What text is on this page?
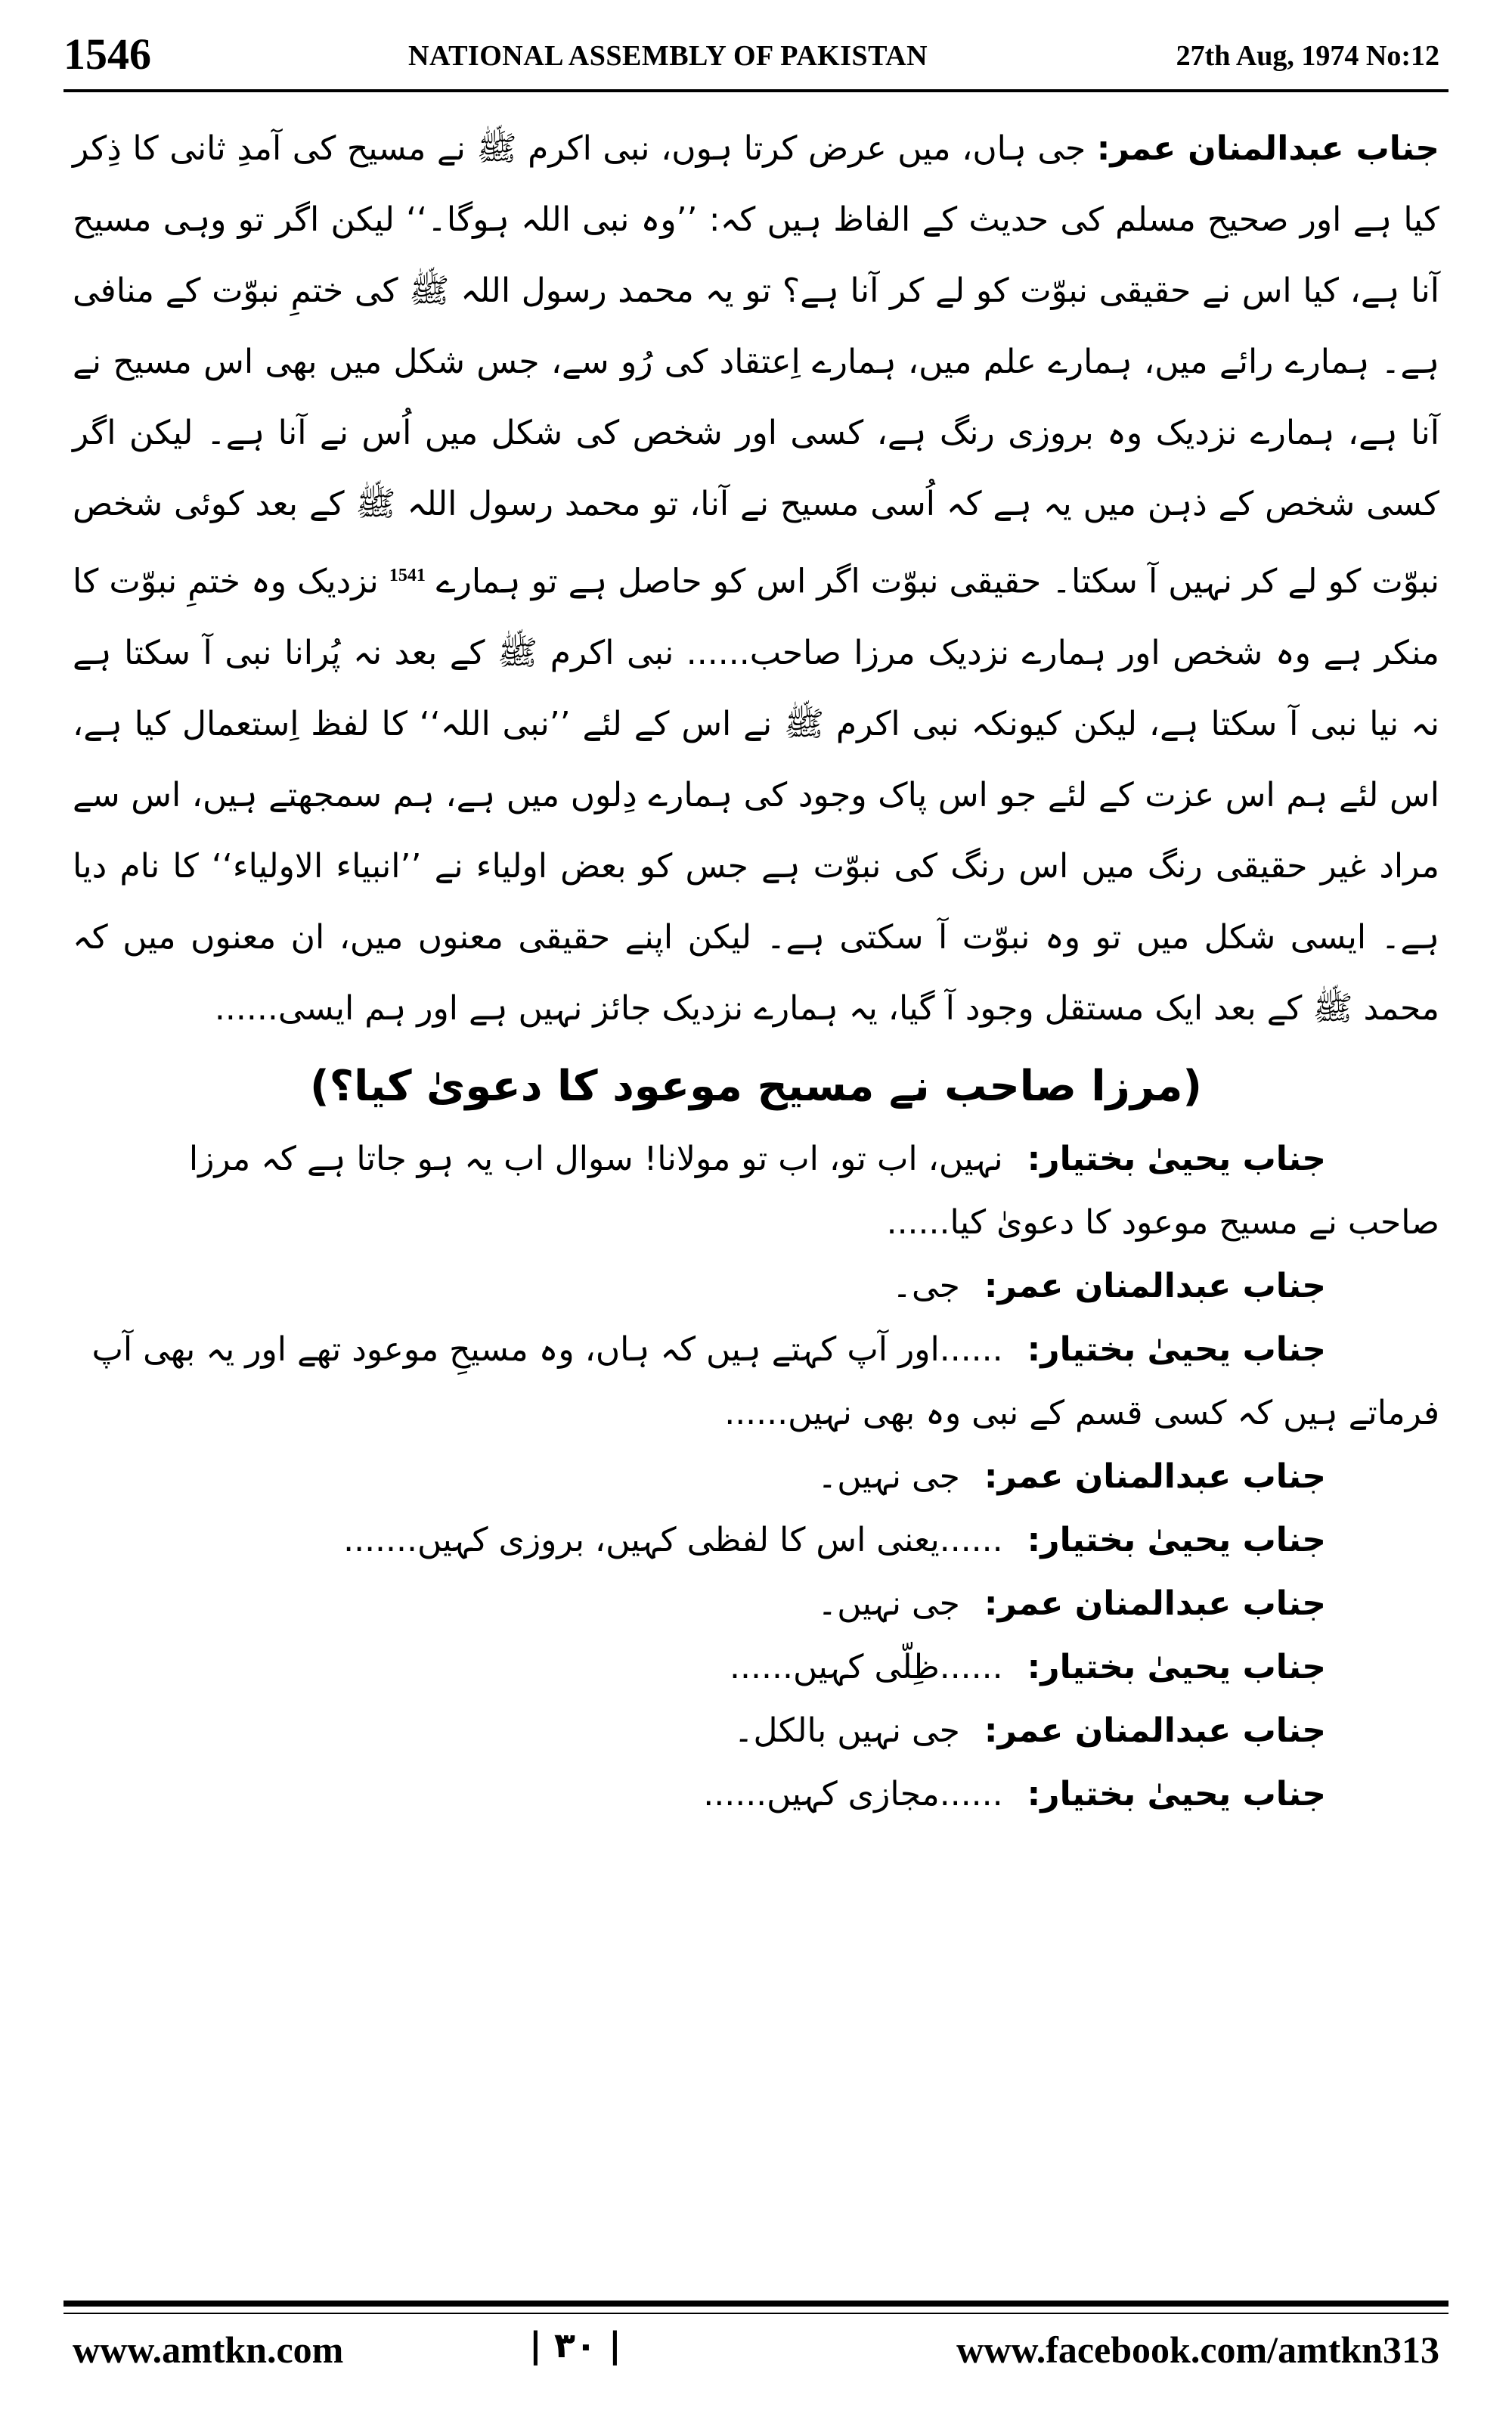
1546	NATIONAL ASSEMBLY OF PAKISTAN	27th Aug, 1974 No:12

جناب عبدالمنان عمر: جی ہاں، میں عرض کرتا ہوں، نبی اکرم ﷺ نے مسیح کی آمدِ ثانی کا ذِکر کیا ہے اور صحیح مسلم کی حدیث کے الفاظ ہیں کہ: ’’وہ نبی اللہ ہوگا۔‘‘ لیکن اگر تو وہی مسیح آنا ہے، کیا اس نے حقیقی نبوّت کو لے کر آنا ہے؟ تو یہ محمد رسول اللہ ﷺ کی ختمِ نبوّت کے منافی ہے۔ ہمارے رائے میں، ہمارے علم میں، ہمارے اِعتقاد کی رُو سے، جس شکل میں بھی اس مسیح نے آنا ہے، ہمارے نزدیک وہ بروزی رنگ ہے، کسی اور شخص کی شکل میں اُس نے آنا ہے۔ لیکن اگر کسی شخص کے ذہن میں یہ ہے کہ اُسی مسیح نے آنا، تو محمد رسول اللہ ﷺ کے بعد کوئی شخص نبوّت کو لے کر نہیں آ سکتا۔ حقیقی نبوّت اگر اس کو حاصل ہے تو ہمارے $^{1541}$ نزدیک وہ ختمِ نبوّت کا منکر ہے وہ شخص اور ہمارے نزدیک مرزا صاحب...... نبی اکرم ﷺ کے بعد نہ پُرانا نبی آ سکتا ہے نہ نیا نبی آ سکتا ہے، لیکن کیونکہ نبی اکرم ﷺ نے اس کے لئے ’’نبی اللہ‘‘ کا لفظ اِستعمال کیا ہے، اس لئے ہم اس عزت کے لئے جو اس پاک وجود کی ہمارے دِلوں میں ہے، ہم سمجھتے ہیں، اس سے مراد غیر حقیقی رنگ میں اس رنگ کی نبوّت ہے جس کو بعض اولیاء نے ’’انبیاء الاولیاء‘‘ کا نام دیا ہے۔ ایسی شکل میں تو وہ نبوّت آ سکتی ہے۔ لیکن اپنے حقیقی معنوں میں، ان معنوں میں کہ محمد ﷺ کے بعد ایک مستقل وجود آ گیا، یہ ہمارے نزدیک جائز نہیں ہے اور ہم ایسی......

(مرزا صاحب نے مسیح موعود کا دعویٰ کیا؟)

جناب یحییٰ بختیار: نہیں، اب تو، اب تو مولانا! سوال اب یہ ہو جاتا ہے کہ مرزا

صاحب نے مسیح موعود کا دعویٰ کیا......

جناب عبدالمنان عمر: جی۔

جناب یحییٰ بختیار: ......اور آپ کہتے ہیں کہ ہاں، وہ مسیحِ موعود تھے اور یہ بھی آپ

فرماتے ہیں کہ کسی قسم کے نبی وہ بھی نہیں......

جناب عبدالمنان عمر: جی نہیں۔

جناب یحییٰ بختیار: ......یعنی اس کا لفظی کہیں، بروزی کہیں.......

جناب عبدالمنان عمر: جی نہیں۔

جناب یحییٰ بختیار: ......ظِلّی کہیں......

جناب عبدالمنان عمر: جی نہیں بالکل۔

جناب یحییٰ بختیار: ......مجازی کہیں......

www.amtkn.com	| ۳۰ |	www.facebook.com/amtkn313
